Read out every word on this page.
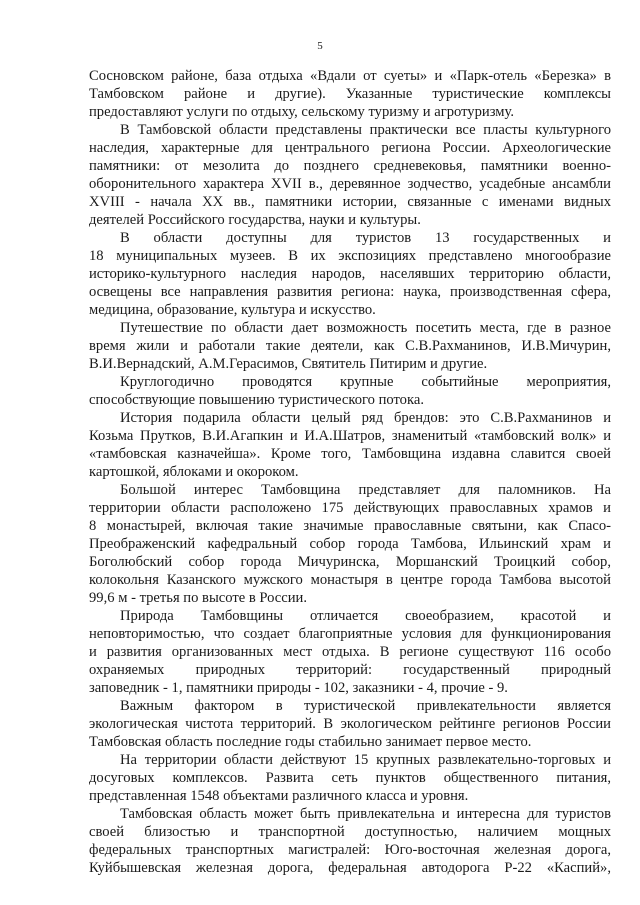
5
Сосновском районе, база отдыха «Вдали от суеты» и «Парк-отель «Березка» в
Тамбовском районе и другие). Указанные туристические комплексы
предоставляют услуги по отдыху, сельскому туризму и агротуризму.
В Тамбовской области представлены практически все пласты культурного
наследия, характерные для центрального региона России. Археологические
памятники: от мезолита до позднего средневековья, памятники военно-
оборонительного характера XVII в., деревянное зодчество, усадебные ансамбли
XVIII - начала XX вв., памятники истории, связанные с именами видных
деятелей Российского государства, науки и культуры.
В области доступны для туристов 13 государственных и
18 муниципальных музеев. В их экспозициях представлено многообразие
историко-культурного наследия народов, населявших территорию области,
освещены все направления развития региона: наука, производственная сфера,
медицина, образование, культура и искусство.
Путешествие по области дает возможность посетить места, где в разное
время жили и работали такие деятели, как С.В.Рахманинов, И.В.Мичурин,
В.И.Вернадский, А.М.Герасимов, Святитель Питирим и другие.
Круглогодично проводятся крупные событийные мероприятия,
способствующие повышению туристического потока.
История подарила области целый ряд брендов: это С.В.Рахманинов и
Козьма Прутков, В.И.Агапкин и И.А.Шатров, знаменитый «тамбовский волк» и
«тамбовская казначейша». Кроме того, Тамбовщина издавна славится своей
картошкой, яблоками и окороком.
Большой интерес Тамбовщина представляет для паломников. На
территории области расположено 175 действующих православных храмов и
8 монастырей, включая такие значимые православные святыни, как Спасо-
Преображенский кафедральный собор города Тамбова, Ильинский храм и
Боголюбский собор города Мичуринска, Моршанский Троицкий собор,
колокольня Казанского мужского монастыря в центре города Тамбова высотой
99,6 м - третья по высоте в России.
Природа Тамбовщины отличается своеобразием, красотой и
неповторимостью, что создает благоприятные условия для функционирования
и развития организованных мест отдыха. В регионе существуют 116 особо
охраняемых природных территорий: государственный природный
заповедник - 1, памятники природы - 102, заказники - 4, прочие - 9.
Важным фактором в туристической привлекательности является
экологическая чистота территорий. В экологическом рейтинге регионов России
Тамбовская область последние годы стабильно занимает первое место.
На территории области действуют 15 крупных развлекательно-торговых и
досуговых комплексов. Развита сеть пунктов общественного питания,
представленная 1548 объектами различного класса и уровня.
Тамбовская область может быть привлекательна и интересна для туристов
своей близостью и транспортной доступностью, наличием мощных
федеральных транспортных магистралей: Юго-восточная железная дорога,
Куйбышевская железная дорога, федеральная автодорога Р-22 «Каспий»,
